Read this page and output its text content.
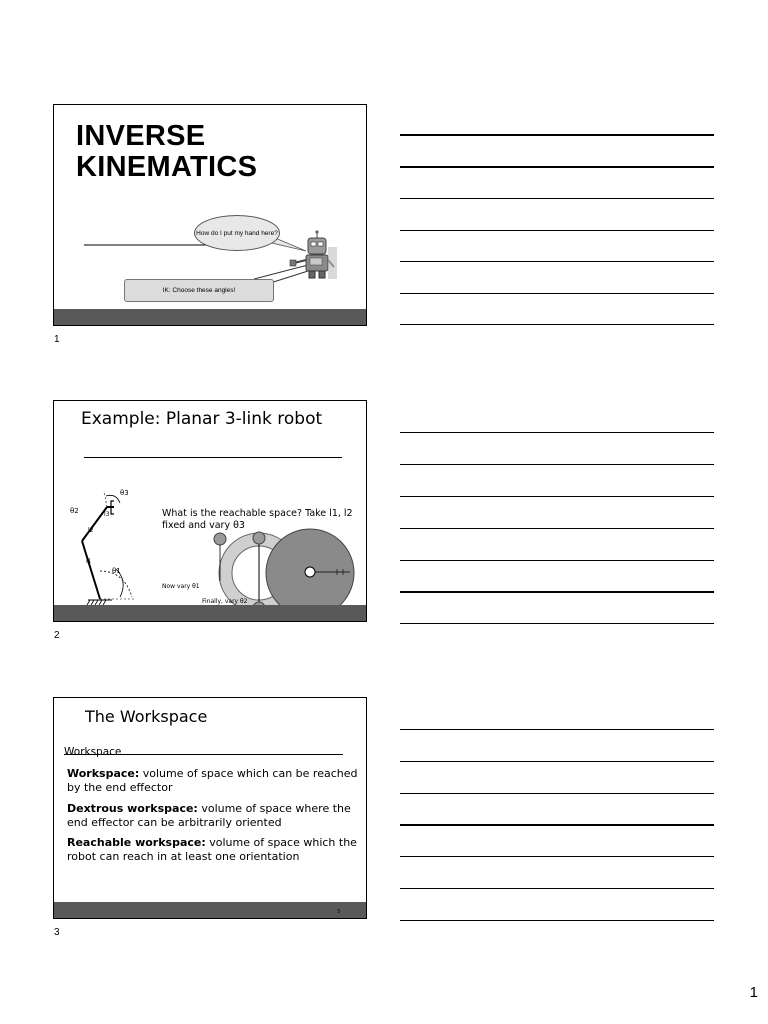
INVERSE
KINEMATICS
How do I put my hand here?
IK: Choose these angles!
1
Example: Planar 3-link robot
θ3
θ2	l3
l2
l1
θ1
What is the reachable space? Take l1, l2 fixed and vary θ3
Now vary θ1
Finally, vary θ2
2
The Workspace
Workspace
Workspace: volume of space which can be reached by the end effector
Dextrous workspace: volume of space where the end effector can be arbitrarily oriented
Reachable workspace: volume of space which the robot can reach in at least one orientation
3
3
1
